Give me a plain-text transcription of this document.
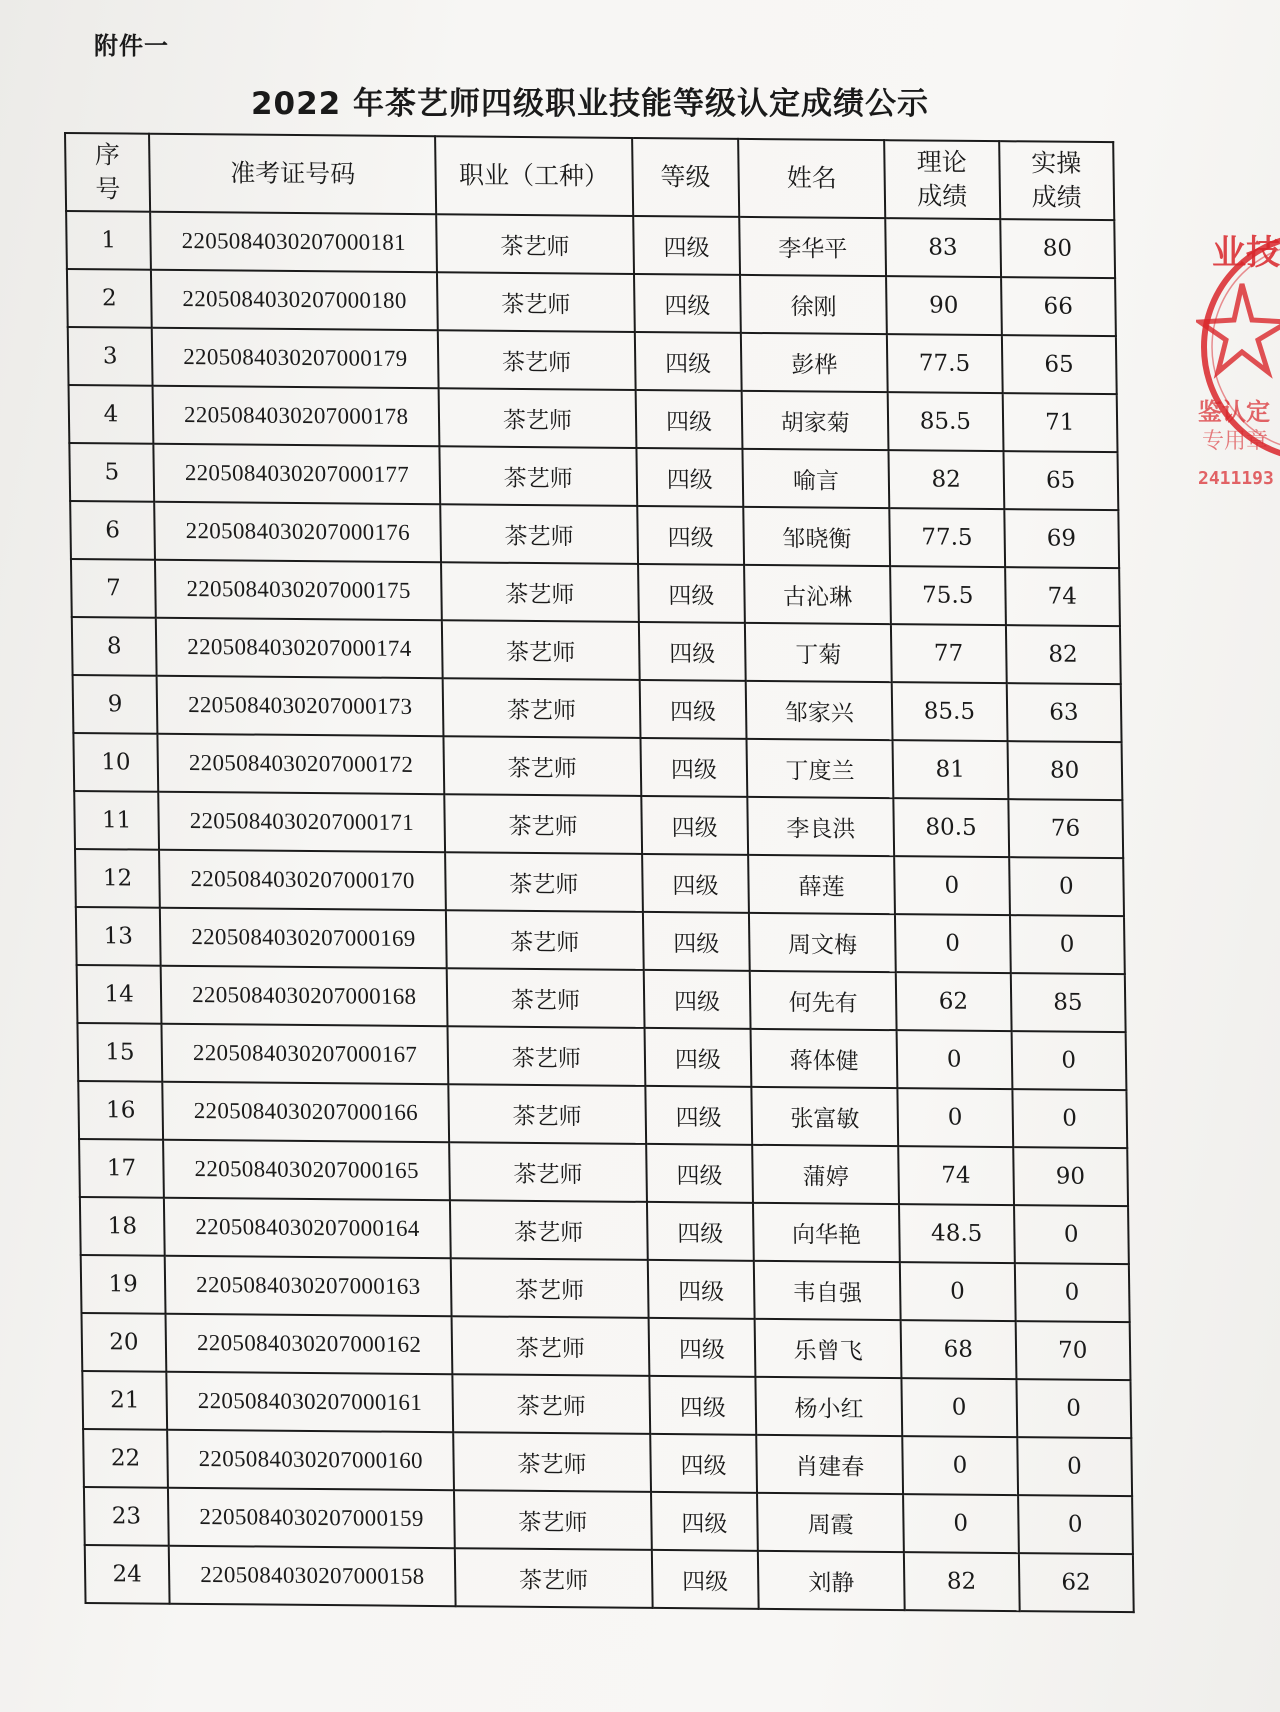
附件一
2022 年茶艺师四级职业技能等级认定成绩公示
序
号	准考证号码	职业（工种）	等级	姓名	理论
成绩	实操
成绩
1	2205084030207000181	茶艺师	四级	李华平	83	80
2	2205084030207000180	茶艺师	四级	徐刚	90	66
3	2205084030207000179	茶艺师	四级	彭桦	77.5	65
4	2205084030207000178	茶艺师	四级	胡家菊	85.5	71
5	2205084030207000177	茶艺师	四级	喻言	82	65
6	2205084030207000176	茶艺师	四级	邹晓衡	77.5	69
7	2205084030207000175	茶艺师	四级	古沁琳	75.5	74
8	2205084030207000174	茶艺师	四级	丁菊	77	82
9	2205084030207000173	茶艺师	四级	邹家兴	85.5	63
10	2205084030207000172	茶艺师	四级	丁度兰	81	80
11	2205084030207000171	茶艺师	四级	李良洪	80.5	76
12	2205084030207000170	茶艺师	四级	薛莲	0	0
13	2205084030207000169	茶艺师	四级	周文梅	0	0
14	2205084030207000168	茶艺师	四级	何先有	62	85
15	2205084030207000167	茶艺师	四级	蒋体健	0	0
16	2205084030207000166	茶艺师	四级	张富敏	0	0
17	2205084030207000165	茶艺师	四级	蒲婷	74	90
18	2205084030207000164	茶艺师	四级	向华艳	48.5	0
19	2205084030207000163	茶艺师	四级	韦自强	0	0
20	2205084030207000162	茶艺师	四级	乐曾飞	68	70
21	2205084030207000161	茶艺师	四级	杨小红	0	0
22	2205084030207000160	茶艺师	四级	肖建春	0	0
23	2205084030207000159	茶艺师	四级	周霞	0	0
24	2205084030207000158	茶艺师	四级	刘静	82	62
业技
鉴认定
专用章
2411193
